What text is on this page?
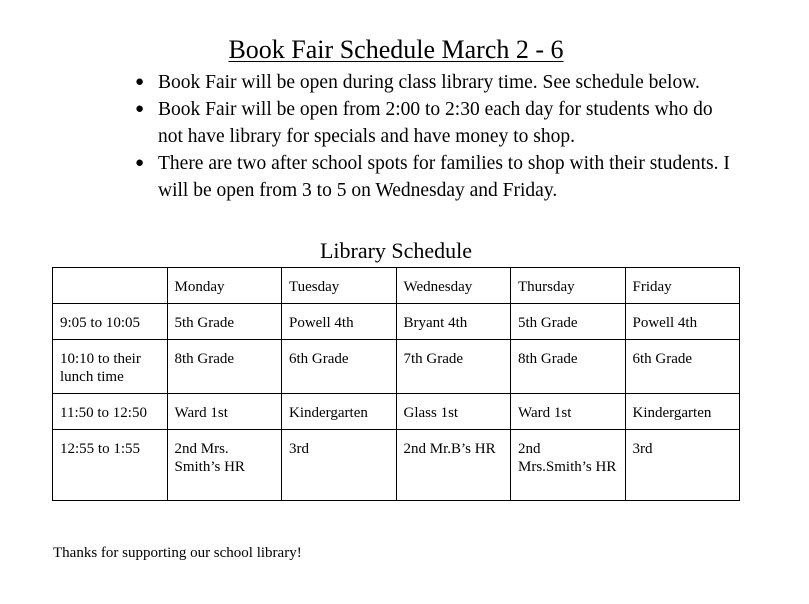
Book Fair Schedule March 2 - 6
● Book Fair will be open during class library time. See schedule below.
● Book Fair will be open from 2:00 to 2:30 each day for students who do not have library for specials and have money to shop.
● There are two after school spots for families to shop with their students. I will be open from 3 to 5 on Wednesday and Friday.
Library Schedule
	Monday	Tuesday	Wednesday	Thursday	Friday
9:05 to 10:05	5th Grade	Powell 4th	Bryant 4th	5th Grade	Powell 4th
10:10 to their lunch time	8th Grade	6th Grade	7th Grade	8th Grade	6th Grade
11:50 to 12:50	Ward 1st	Kindergarten	Glass 1st	Ward 1st	Kindergarten
12:55 to 1:55	2nd Mrs. Smith’s HR	3rd	2nd Mr.B’s HR	2nd Mrs.Smith’s HR	3rd
Thanks for supporting our school library!
